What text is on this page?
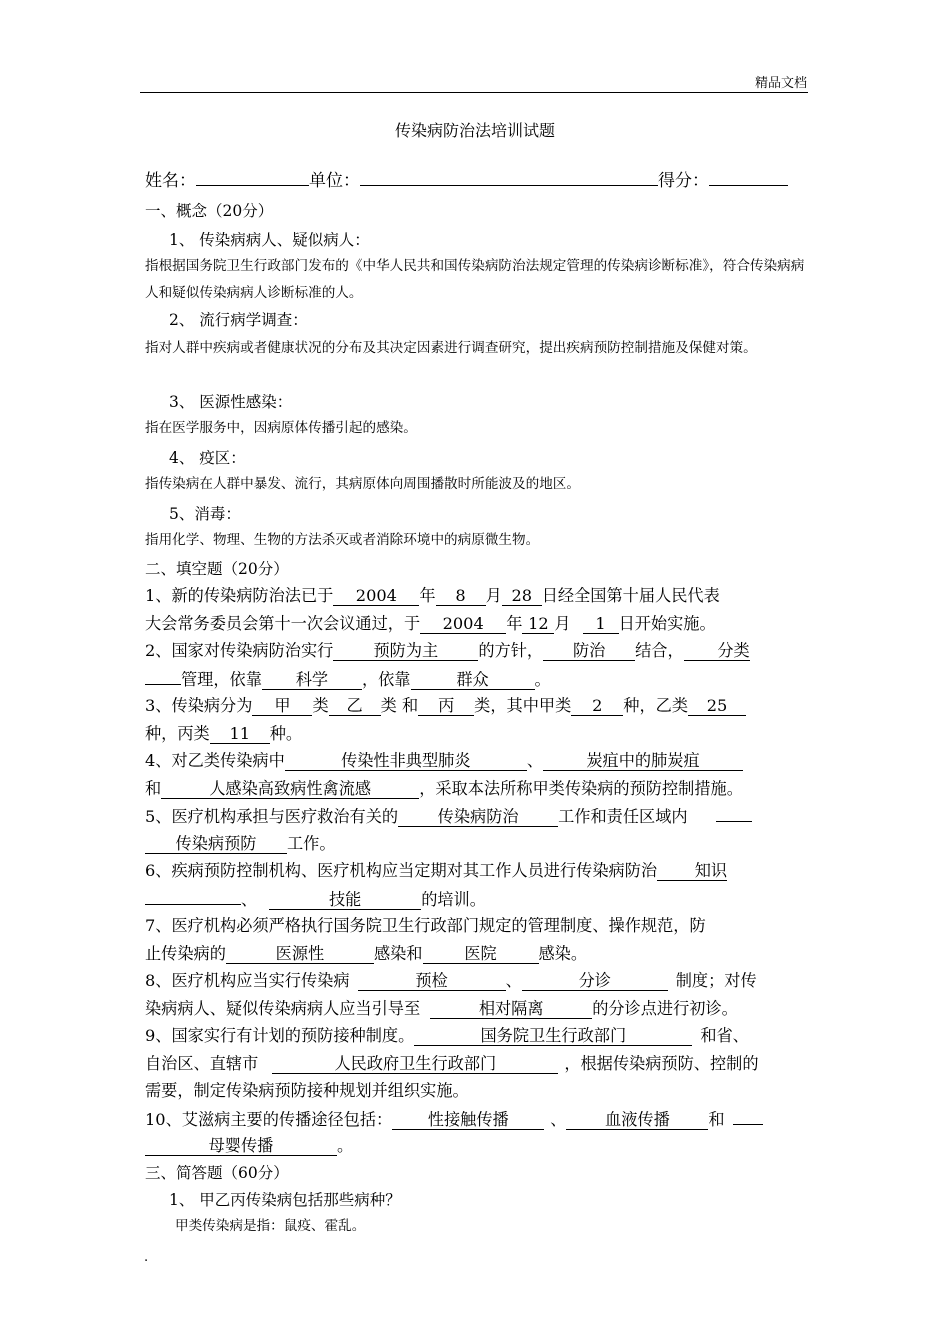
精品文档
传染病防治法培训试题
姓名：	单位：	得分：
一、概念（20分）
1、 传染病病人、疑似病人：
指根据国务院卫生行政部门发布的《中华人民共和国传染病防治法规定管理的传染病诊断标准》，符合传染病病人和疑似传染病病人诊断标准的人。
2、 流行病学调查：
指对人群中疾病或者健康状况的分布及其决定因素进行调查研究，提出疾病预防控制措施及保健对策。
3、 医源性感染：
指在医学服务中，因病原体传播引起的感染。
4、 疫区：
指传染病在人群中暴发、流行，其病原体向周围播散时所能波及的地区。
5、消毒：
指用化学、物理、生物的方法杀灭或者消除环境中的病原微生物。
二、填空题（20分）
1、新的传染病防治法已于 2004 年 8 月 28 日经全国第十届人民代表
大会常务委员会第十一次会议通过，于 2004 年 12 月 1 日开始实施。
2、国家对传染病防治实行 预防为主 的方针， 防治 结合， 分类
管理，依靠 科学 ，依靠	群众	。
3、传染病分为 甲 类 乙 类 和 丙 类，其中甲类 2 种，乙类 25
种，丙类 11 种。
4、对乙类传染病中	传染性非典型肺炎	、	炭疽中的肺炭疽
和	人感染高致病性禽流感	，采取本法所称甲类传染病的预防控制措施。
5、医疗机构承担与医疗救治有关的 传染病防治 工作和责任区域内
传染病预防 工作。
6、疾病预防控制机构、医疗机构应当定期对其工作人员进行传染病防治 知识
、	技能	的培训。
7、医疗机构必须严格执行国务院卫生行政部门规定的管理制度、操作规范，防
止传染病的	医源性	感染和	医院	感染。
8、医疗机构应当实行传染病	预检	、	分诊	制度；对传
染病病人、疑似传染病病人应当引导至	相对隔离	的分诊点进行初诊。
9、国家实行有计划的预防接种制度。	国务院卫生行政部门	和省、
自治区、直辖市	人民政府卫生行政部门	，根据传染病预防、控制的
需要，制定传染病预防接种规划并组织实施。
10、艾滋病主要的传播途径包括： 性接触传播	、 血液传播 和
母婴传播	。
三、简答题（60分）
1、 甲乙丙传染病包括那些病种？
甲类传染病是指：鼠疫、霍乱。
.
